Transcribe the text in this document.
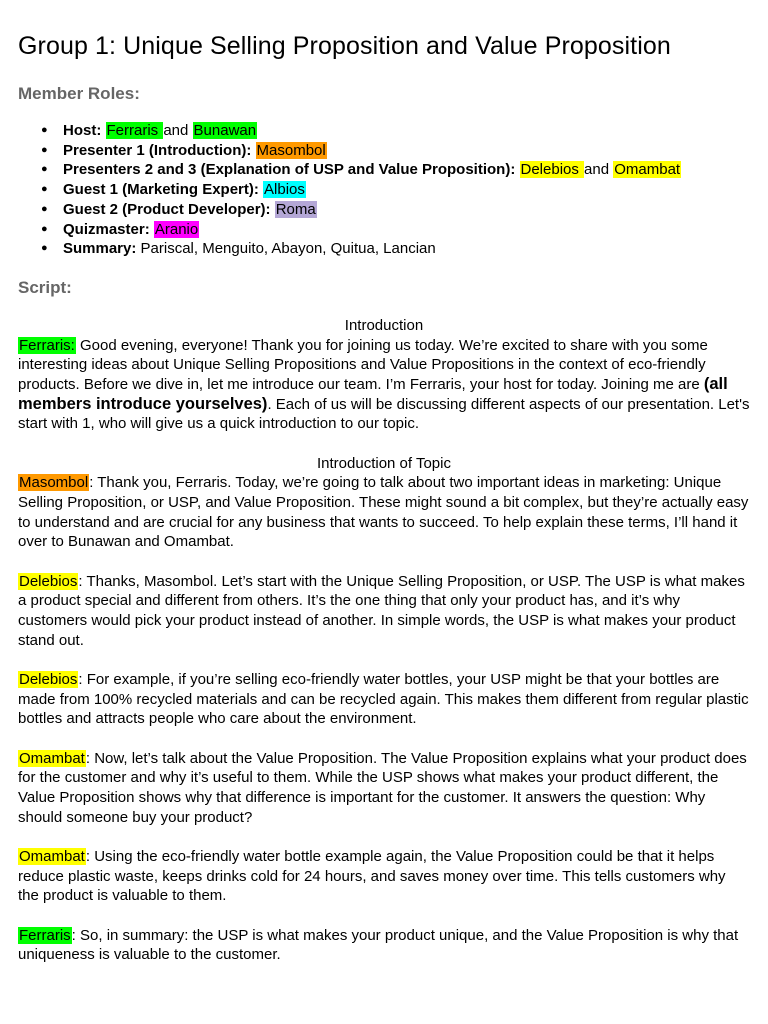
Group 1: Unique Selling Proposition and Value Proposition
Member Roles:
● Host: Ferraris and Bunawan
● Presenter 1 (Introduction): Masombol
● Presenters 2 and 3 (Explanation of USP and Value Proposition): Delebios and Omambat
● Guest 1 (Marketing Expert): Albios
● Guest 2 (Product Developer): Roma
● Quizmaster: Aranio
● Summary: Pariscal, Menguito, Abayon, Quitua, Lancian
Script:
Introduction

Ferraris: Good evening, everyone! Thank you for joining us today. We’re excited to share with you some interesting ideas about Unique Selling Propositions and Value Propositions in the context of eco-friendly products. Before we dive in, let me introduce our team. I’m Ferraris, your host for today. Joining me are (all members introduce yourselves). Each of us will be discussing different aspects of our presentation. Let's start with 1, who will give us a quick introduction to our topic.

Introduction of Topic

Masombol: Thank you, Ferraris. Today, we’re going to talk about two important ideas in marketing: Unique Selling Proposition, or USP, and Value Proposition. These might sound a bit complex, but they’re actually easy to understand and are crucial for any business that wants to succeed. To help explain these terms, I’ll hand it over to Bunawan and Omambat.

Delebios: Thanks, Masombol. Let’s start with the Unique Selling Proposition, or USP. The USP is what makes a product special and different from others. It’s the one thing that only your product has, and it’s why customers would pick your product instead of another. In simple words, the USP is what makes your product stand out.

Delebios: For example, if you’re selling eco-friendly water bottles, your USP might be that your bottles are made from 100% recycled materials and can be recycled again. This makes them different from regular plastic bottles and attracts people who care about the environment.

Omambat: Now, let’s talk about the Value Proposition. The Value Proposition explains what your product does for the customer and why it’s useful to them. While the USP shows what makes your product different, the Value Proposition shows why that difference is important for the customer. It answers the question: Why should someone buy your product?

Omambat: Using the eco-friendly water bottle example again, the Value Proposition could be that it helps reduce plastic waste, keeps drinks cold for 24 hours, and saves money over time. This tells customers why the product is valuable to them.

Ferraris: So, in summary: the USP is what makes your product unique, and the Value Proposition is why that uniqueness is valuable to the customer.
